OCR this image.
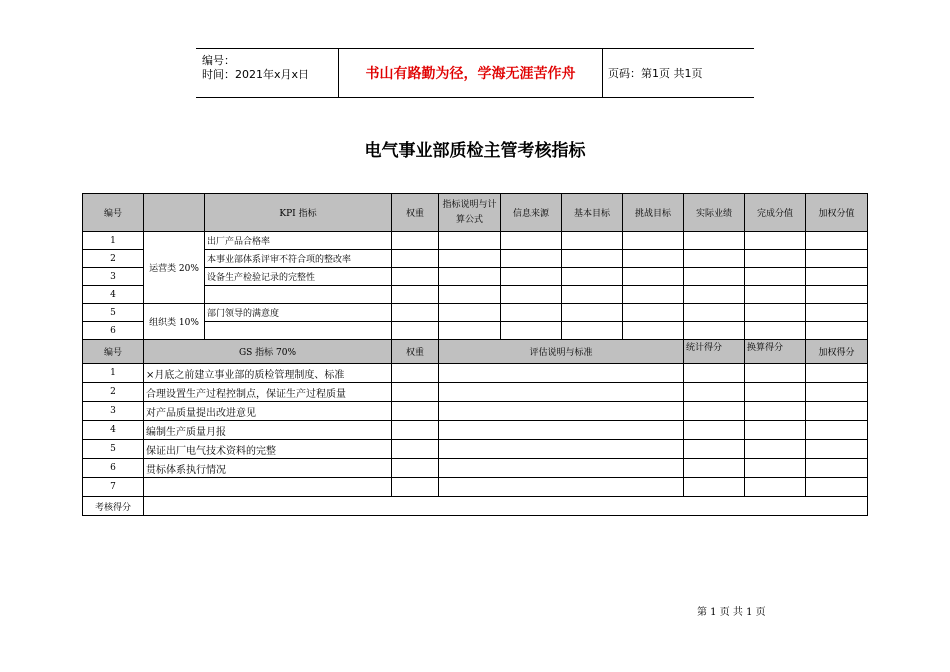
编号：
时间：2021年x月x日	书山有路勤为径，学海无涯苦作舟	页码：第1页 共1页
电气事业部质检主管考核指标
编号		KPI 指标	权重	指标说明与计算公式	信息来源	基本目标	挑战目标	实际业绩	完成分值	加权分值
1	运营类 20%	出厂产品合格率								
2		本事业部体系评审不符合项的整改率								
3		设备生产检验记录的完整性								
4										
5	组织类 10%	部门领导的满意度								
6										
编号	GS 指标 70%		权重	评估说明与标准				统计得分	换算得分	加权得分
1	×月底之前建立事业部的质检管理制度、标准									
2	合理设置生产过程控制点，保证生产过程质量									
3	对产品质量提出改进意见									
4	编制生产质量月报									
5	保证出厂电气技术资料的完整									
6	贯标体系执行情况									
7										
考核得分										
第 1 页 共 1 页
